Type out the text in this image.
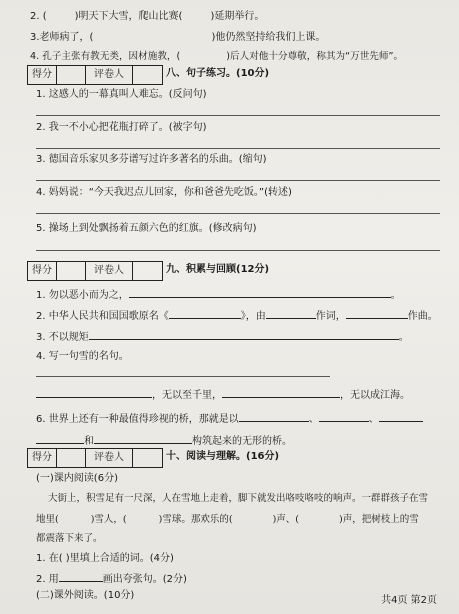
2. (	)明天下大雪，爬山比赛(	)延期举行。
3.老师病了，(	)他仍然坚持给我们上课。
4. 孔子主张有教无类，因材施教，(	)后人对他十分尊敬，称其为“万世先师”。
得分	评卷人	八、句子练习。(10分)
1. 这感人的一幕真叫人难忘。(反问句)
2. 我一不小心把花瓶打碎了。(被字句)
3. 德国音乐家贝多芬谱写过许多著名的乐曲。(缩句)
4. 妈妈说：“今天我迟点儿回家，你和爸爸先吃饭。”(转述)
5. 操场上到处飘扬着五颜六色的红旗。(修改病句)
得分	评卷人	九、积累与回顾(12分)
1. 勿以恶小而为之，	。
2. 中华人民共和国国歌原名《	》，由	作词，	作曲。
3. 不以规矩	。
4. 写一句雪的名句。
，无以至千里，	，无以成江海。
6. 世界上还有一种最值得珍视的桥，那就是以	、	、
和	构筑起来的无形的桥。
得分	评卷人	十、阅读与理解。(16分)
(一)课内阅读(6分)
大街上，积雪足有一尺深，人在雪地上走着，脚下就发出咯吱咯吱的响声。一群群孩子在雪
地里(	)雪人，(	)雪球。那欢乐的(	)声、(	)声，把树枝上的雪
都震落下来了。
1. 在( )里填上合适的词。(4分)
2. 用	画出夸张句。(2分)
(二)课外阅读。(10分)	共4页 第2页
